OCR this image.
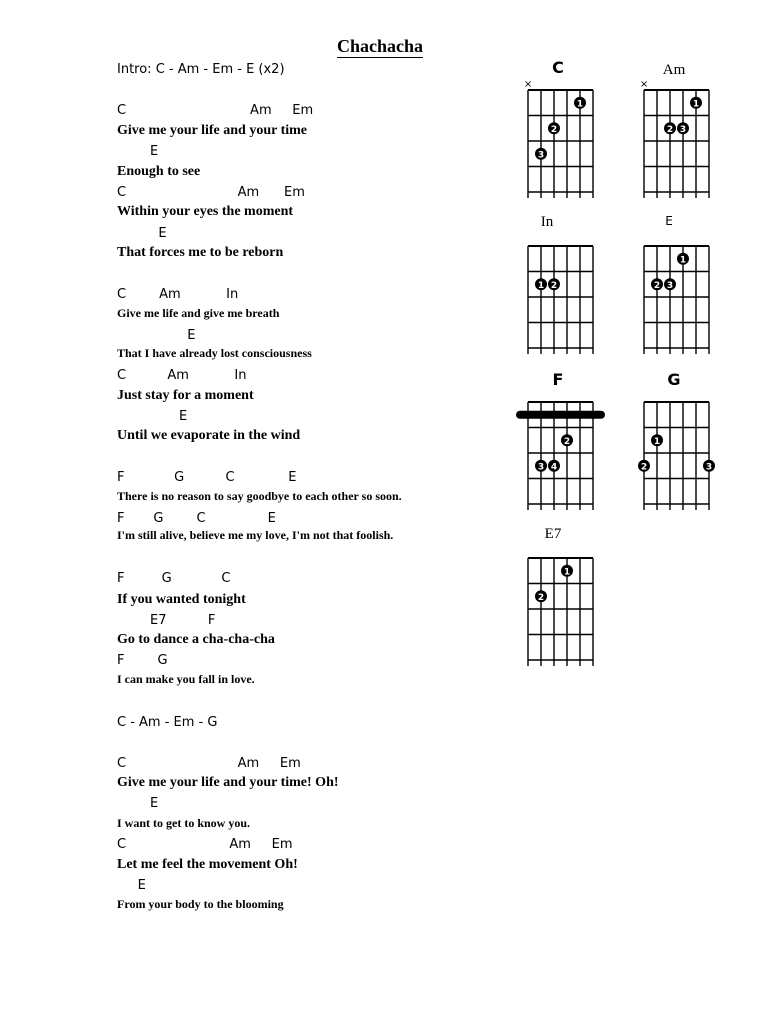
Chachacha
Intro: C - Am - Em - E (x2)
C                              Am     Em
Give me your life and your time
E
Enough to see
C                           Am      Em
Within your eyes the moment
E
That forces me to be reborn
C        Am           In
Give me life and give me breath
E
That I have already lost consciousness
C          Am           In
Just stay for a moment
E
Until we evaporate in the wind
F            G          C             E
There is no reason to say goodbye to each other so soon.
F       G        C               E
I'm still alive, believe me my love, I'm not that foolish.
F         G            C
If you wanted tonight
E7          F
Go to dance a cha-cha-cha
F        G
I can make you fall in love.
C - Am - Em - G
C                           Am     Em
Give me your life and your time! Oh!
E
I want to get to know you.
C                         Am     Em
Let me feel the movement Oh!
E
From your body to the blooming
C
×
1
2
3
Am
×
1
2 3
In
1 2
E
1
2 3
F
2
3 4
G
1
2	3
E7
1
2
